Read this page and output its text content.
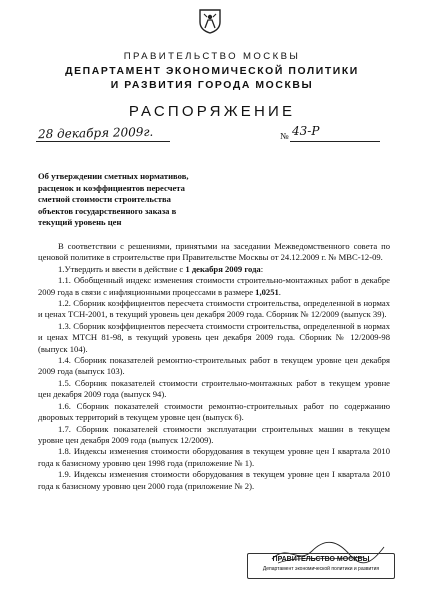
ПРАВИТЕЛЬСТВО МОСКВЫ
ДЕПАРТАМЕНТ ЭКОНОМИЧЕСКОЙ ПОЛИТИКИ
И РАЗВИТИЯ ГОРОДА МОСКВЫ
РАСПОРЯЖЕНИЕ
28 декабря 2009г.	№ 43-Р
Об утверждении сметных нормативов,
расценок и коэффициентов пересчета
сметной стоимости строительства
объектов государственного заказа в
текущий уровень цен

В соответствии с решениями, принятыми на заседании Межведомственного совета по ценовой политике в строительстве при Правительстве Москвы от 24.12.2009 г. № МВС-12-09.

1.Утвердить и ввести в действие с 1 декабря 2009 года:

1.1. Обобщенный индекс изменения стоимости строительно-монтажных работ в декабре 2009 года в связи с инфляционными процессами в размере 1,0251.

1.2. Сборник коэффициентов пересчета стоимости строительства, определенной в нормах и ценах ТСН-2001, в текущий уровень цен декабря 2009 года. Сборник № 12/2009 (выпуск 39).

1.3. Сборник коэффициентов пересчета стоимости строительства, определенной в нормах и ценах МТСН 81-98, в текущий уровень цен декабря 2009 года. Сборник № 12/2009-98 (выпуск 104).

1.4. Сборник показателей ремонтно-строительных работ в текущем уровне цен декабря 2009 года (выпуск 103).

1.5. Сборник показателей стоимости строительно-монтажных работ в текущем уровне цен декабря 2009 года (выпуск 94).

1.6. Сборник показателей стоимости ремонтно-строительных работ по содержанию дворовых территорий в текущем уровне цен (выпуск 6).

1.7. Сборник показателей стоимости эксплуатации строительных машин в текущем уровне цен декабря 2009 года (выпуск 12/2009).

1.8. Индексы изменения стоимости оборудования в текущем уровне цен I квартала 2010 года к базисному уровню цен 1998 года (приложение № 1).

1.9. Индексы изменения стоимости оборудования в текущем уровне цен I квартала 2010 года к базисному уровню цен 2000 года (приложение № 2).

ПРАВИТЕЛЬСТВО МОСКВЫ
Департамент экономической политики и развития
